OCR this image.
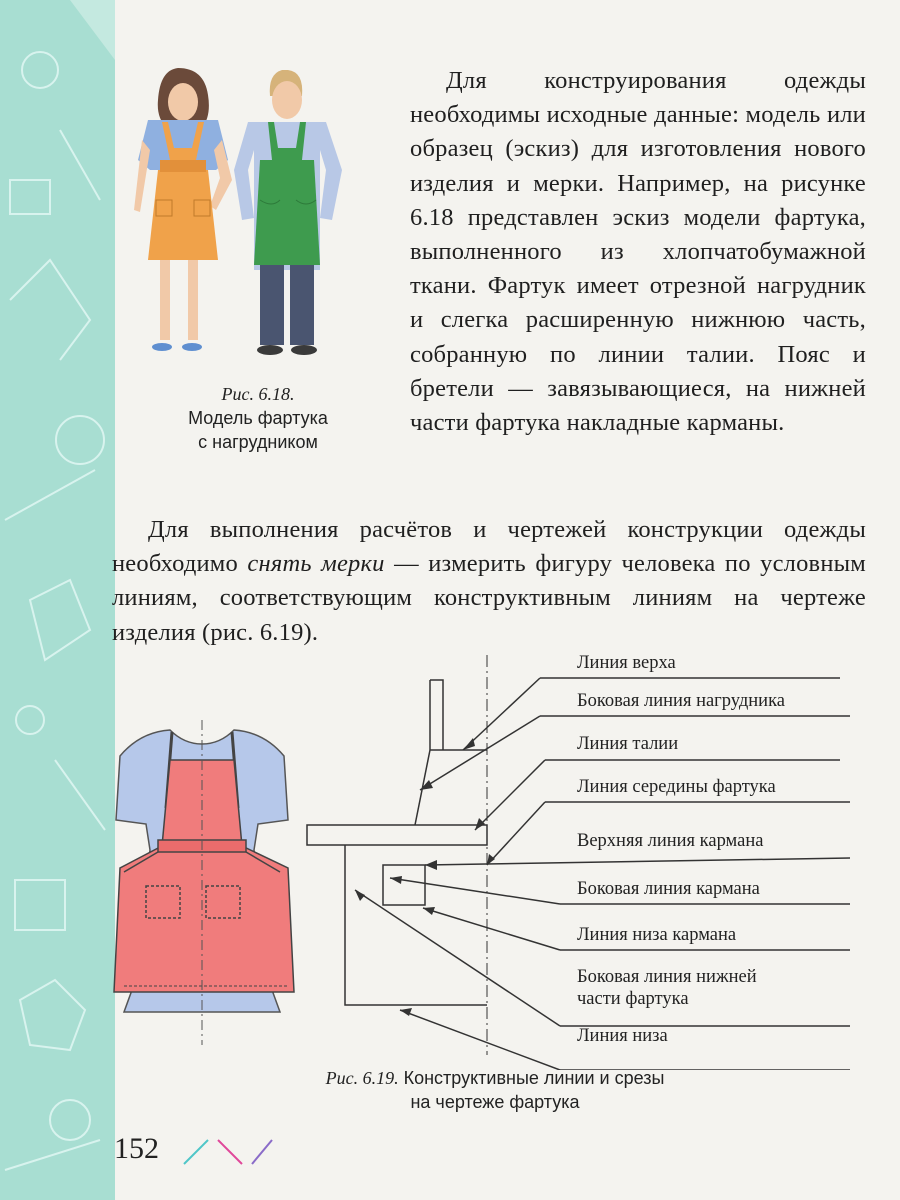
Рис. 6.18.
Модель фартука
с нагрудником

Для конструирования одежды необходимы исходные данные: модель или образец (эскиз) для изготовления нового изделия и мерки. Например, на рисунке 6.18 представлен эскиз модели фартука, выполненного из хлопчатобумажной ткани. Фартук имеет отрезной нагрудник и слегка расширенную нижнюю часть, собранную по линии талии. Пояс и бретели — завязывающиеся, на нижней части фартука накладные карманы.

Для выполнения расчётов и чертежей конструкции одежды необходимо снять мерки — измерить фигуру человека по условным линиям, соответствующим конструктивным линиям на чертеже изделия (рис. 6.19).

Линия верха
Боковая линия нагрудника
Линия талии
Линия середины фартука
Верхняя линия кармана
Боковая линия кармана
Линия низа кармана
Боковая линия нижней
части фартука
Линия низа
Рис. 6.19. Конструктивные линии и срезы
на чертеже фартука
152
